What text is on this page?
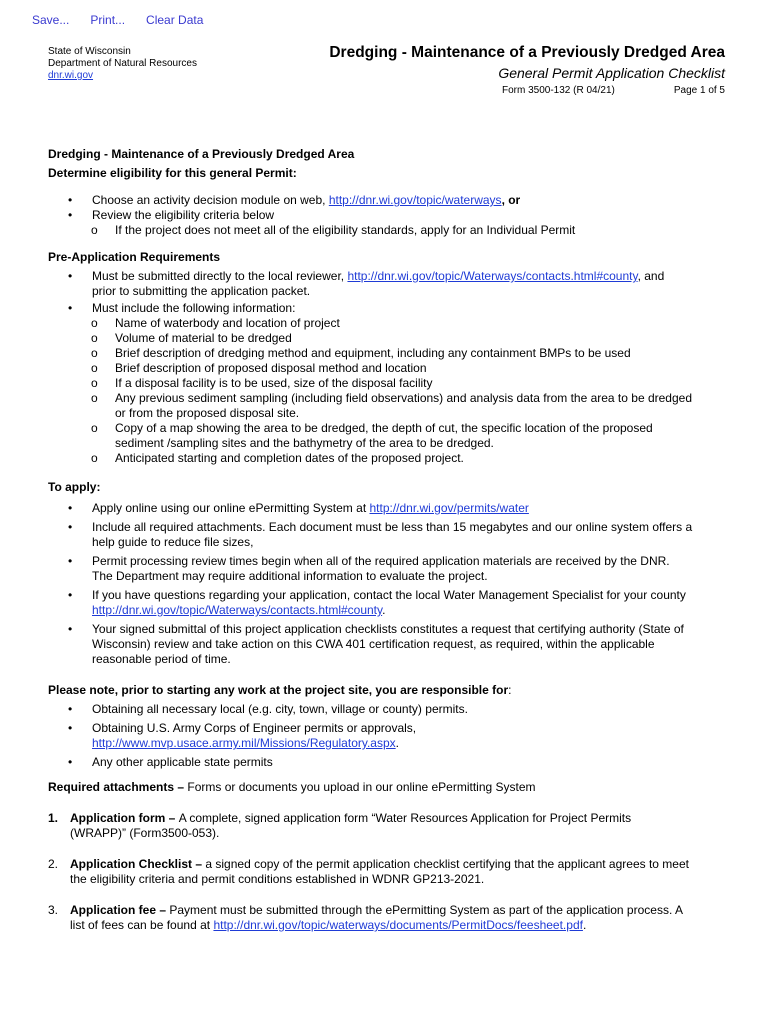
Save... Print... Clear Data
State of Wisconsin
Department of Natural Resources
dnr.wi.gov
Dredging - Maintenance of a Previously Dredged Area
General Permit Application Checklist
Form 3500-132 (R 04/21)	Page 1 of 5
Dredging - Maintenance of a Previously Dredged Area
Determine eligibility for this general Permit:
• Choose an activity decision module on web, http://dnr.wi.gov/topic/waterways, or
• Review the eligibility criteria below
o If the project does not meet all of the eligibility standards, apply for an Individual Permit
Pre-Application Requirements
• Must be submitted directly to the local reviewer, http://dnr.wi.gov/topic/Waterways/contacts.html#county, and
prior to submitting the application packet.
• Must include the following information:
o Name of waterbody and location of project
o Volume of material to be dredged
o Brief description of dredging method and equipment, including any containment BMPs to be used
o Brief description of proposed disposal method and location
o If a disposal facility is to be used, size of the disposal facility
o Any previous sediment sampling (including field observations) and analysis data from the area to be dredged
or from the proposed disposal site.
o Copy of a map showing the area to be dredged, the depth of cut, the specific location of the proposed
sediment /sampling sites and the bathymetry of the area to be dredged.
o Anticipated starting and completion dates of the proposed project.
To apply:
• Apply online using our online ePermitting System at http://dnr.wi.gov/permits/water
• Include all required attachments. Each document must be less than 15 megabytes and our online system offers a
help guide to reduce file sizes,
• Permit processing review times begin when all of the required application materials are received by the DNR.
The Department may require additional information to evaluate the project.
• If you have questions regarding your application, contact the local Water Management Specialist for your county
http://dnr.wi.gov/topic/Waterways/contacts.html#county.
• Your signed submittal of this project application checklists constitutes a request that certifying authority (State of
Wisconsin) review and take action on this CWA 401 certification request, as required, within the applicable
reasonable period of time.
Please note, prior to starting any work at the project site, you are responsible for:
• Obtaining all necessary local (e.g. city, town, village or county) permits.
• Obtaining U.S. Army Corps of Engineer permits or approvals,
http://www.mvp.usace.army.mil/Missions/Regulatory.aspx.
• Any other applicable state permits
Required attachments – Forms or documents you upload in our online ePermitting System
1. Application form – A complete, signed application form “Water Resources Application for Project Permits
(WRAPP)” (Form3500-053).
2. Application Checklist – a signed copy of the permit application checklist certifying that the applicant agrees to meet
the eligibility criteria and permit conditions established in WDNR GP213-2021.
3. Application fee – Payment must be submitted through the ePermitting System as part of the application process. A
list of fees can be found at http://dnr.wi.gov/topic/waterways/documents/PermitDocs/feesheet.pdf.
